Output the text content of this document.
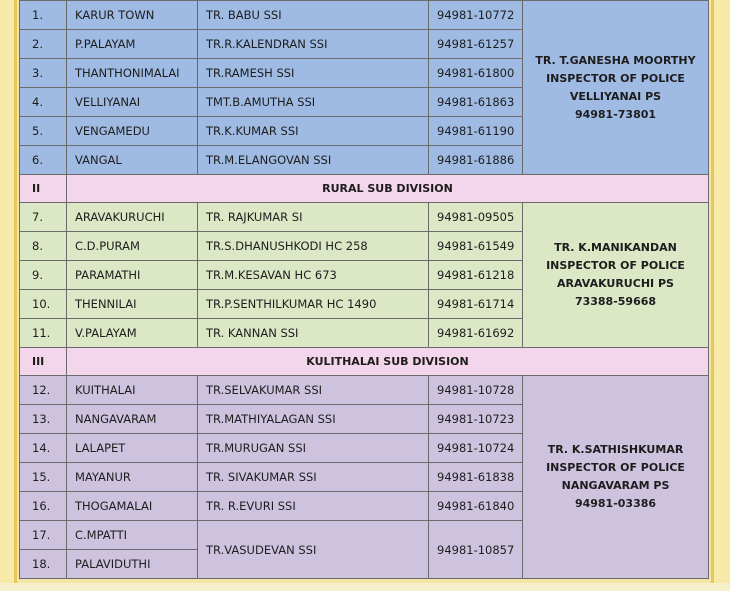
1.	KARUR TOWN	TR. BABU SSI	94981-10772	TR. T.GANESHA MOORTHY
INSPECTOR OF POLICE
VELLIYANAI PS
94981-73801

2.	P.PALAYAM	TR.R.KALENDRAN SSI	94981-61257	
3.	THANTHONIMALAI	TR.RAMESH SSI	94981-61800	
4.	VELLIYANAI	TMT.B.AMUTHA SSI	94981-61863	
5.	VENGAMEDU	TR.K.KUMAR SSI	94981-61190	
6.	VANGAL	TR.M.ELANGOVAN SSI	94981-61886	
II	RURAL SUB DIVISION			
7.	ARAVAKURUCHI	TR. RAJKUMAR SI	94981-09505	TR. K.MANIKANDAN
INSPECTOR OF POLICE
ARAVAKURUCHI PS
73388-59668

8.	C.D.PURAM	TR.S.DHANUSHKODI HC 258	94981-61549	
9.	PARAMATHI	TR.M.KESAVAN HC 673	94981-61218	
10.	THENNILAI	TR.P.SENTHILKUMAR HC 1490	94981-61714	
11.	V.PALAYAM	TR. KANNAN SSI	94981-61692	
III	KULITHALAI SUB DIVISION			
12.	KUITHALAI	TR.SELVAKUMAR SSI	94981-10728	TR. K.SATHISHKUMAR
INSPECTOR OF POLICE
NANGAVARAM PS
94981-03386

13.	NANGAVARAM	TR.MATHIYALAGAN SSI	94981-10723	
14.	LALAPET	TR.MURUGAN SSI	94981-10724	
15.	MAYANUR	TR. SIVAKUMAR SSI	94981-61838	
16.	THOGAMALAI	TR. R.EVURI SSI	94981-61840	
17.	C.MPATTI	TR.VASUDEVAN SSI	94981-10857	
18.	PALAVIDUTHI			
